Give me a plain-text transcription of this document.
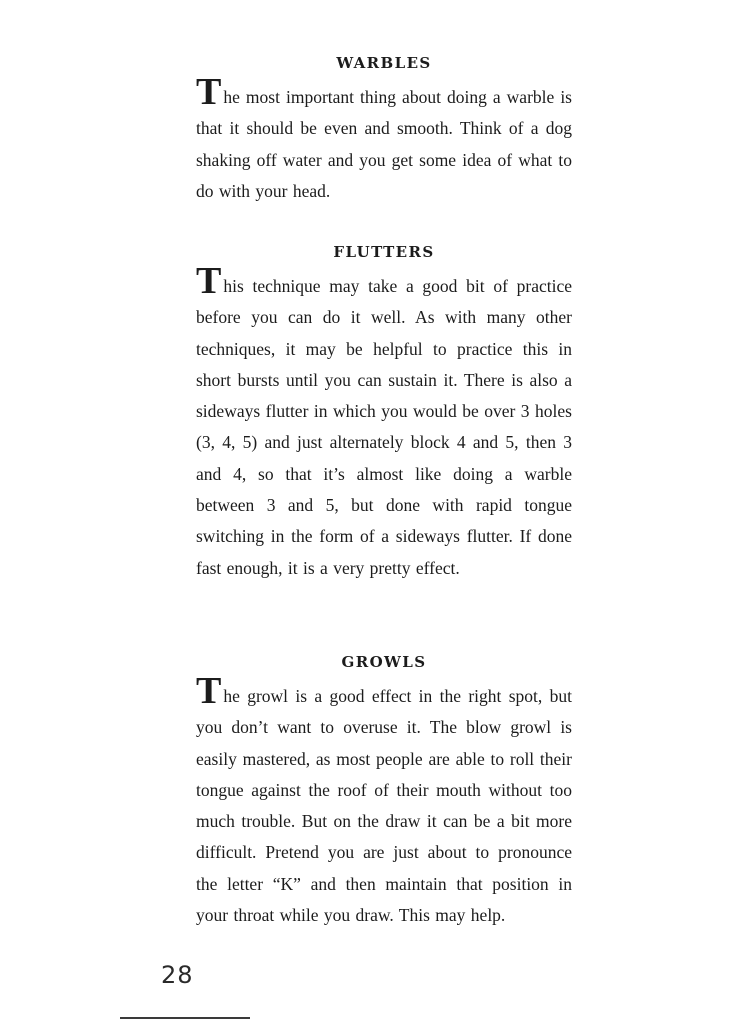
WARBLES

The most important thing about doing a warble is that it should be even and smooth. Think of a dog shaking off water and you get some idea of what to do with your head.

FLUTTERS

This technique may take a good bit of practice before you can do it well. As with many other techniques, it may be helpful to practice this in short bursts until you can sustain it. There is also a sideways flutter in which you would be over 3 holes (3, 4, 5) and just alternately block 4 and 5, then 3 and 4, so that it’s almost like doing a warble between 3 and 5, but done with rapid tongue switching in the form of a sideways flutter. If done fast enough, it is a very pretty effect.

GROWLS

The growl is a good effect in the right spot, but you don’t want to overuse it. The blow growl is easily mastered, as most people are able to roll their tongue against the roof of their mouth without too much trouble. But on the draw it can be a bit more difficult. Pretend you are just about to pronounce the letter “K” and then maintain that position in your throat while you draw. This may help.

28
